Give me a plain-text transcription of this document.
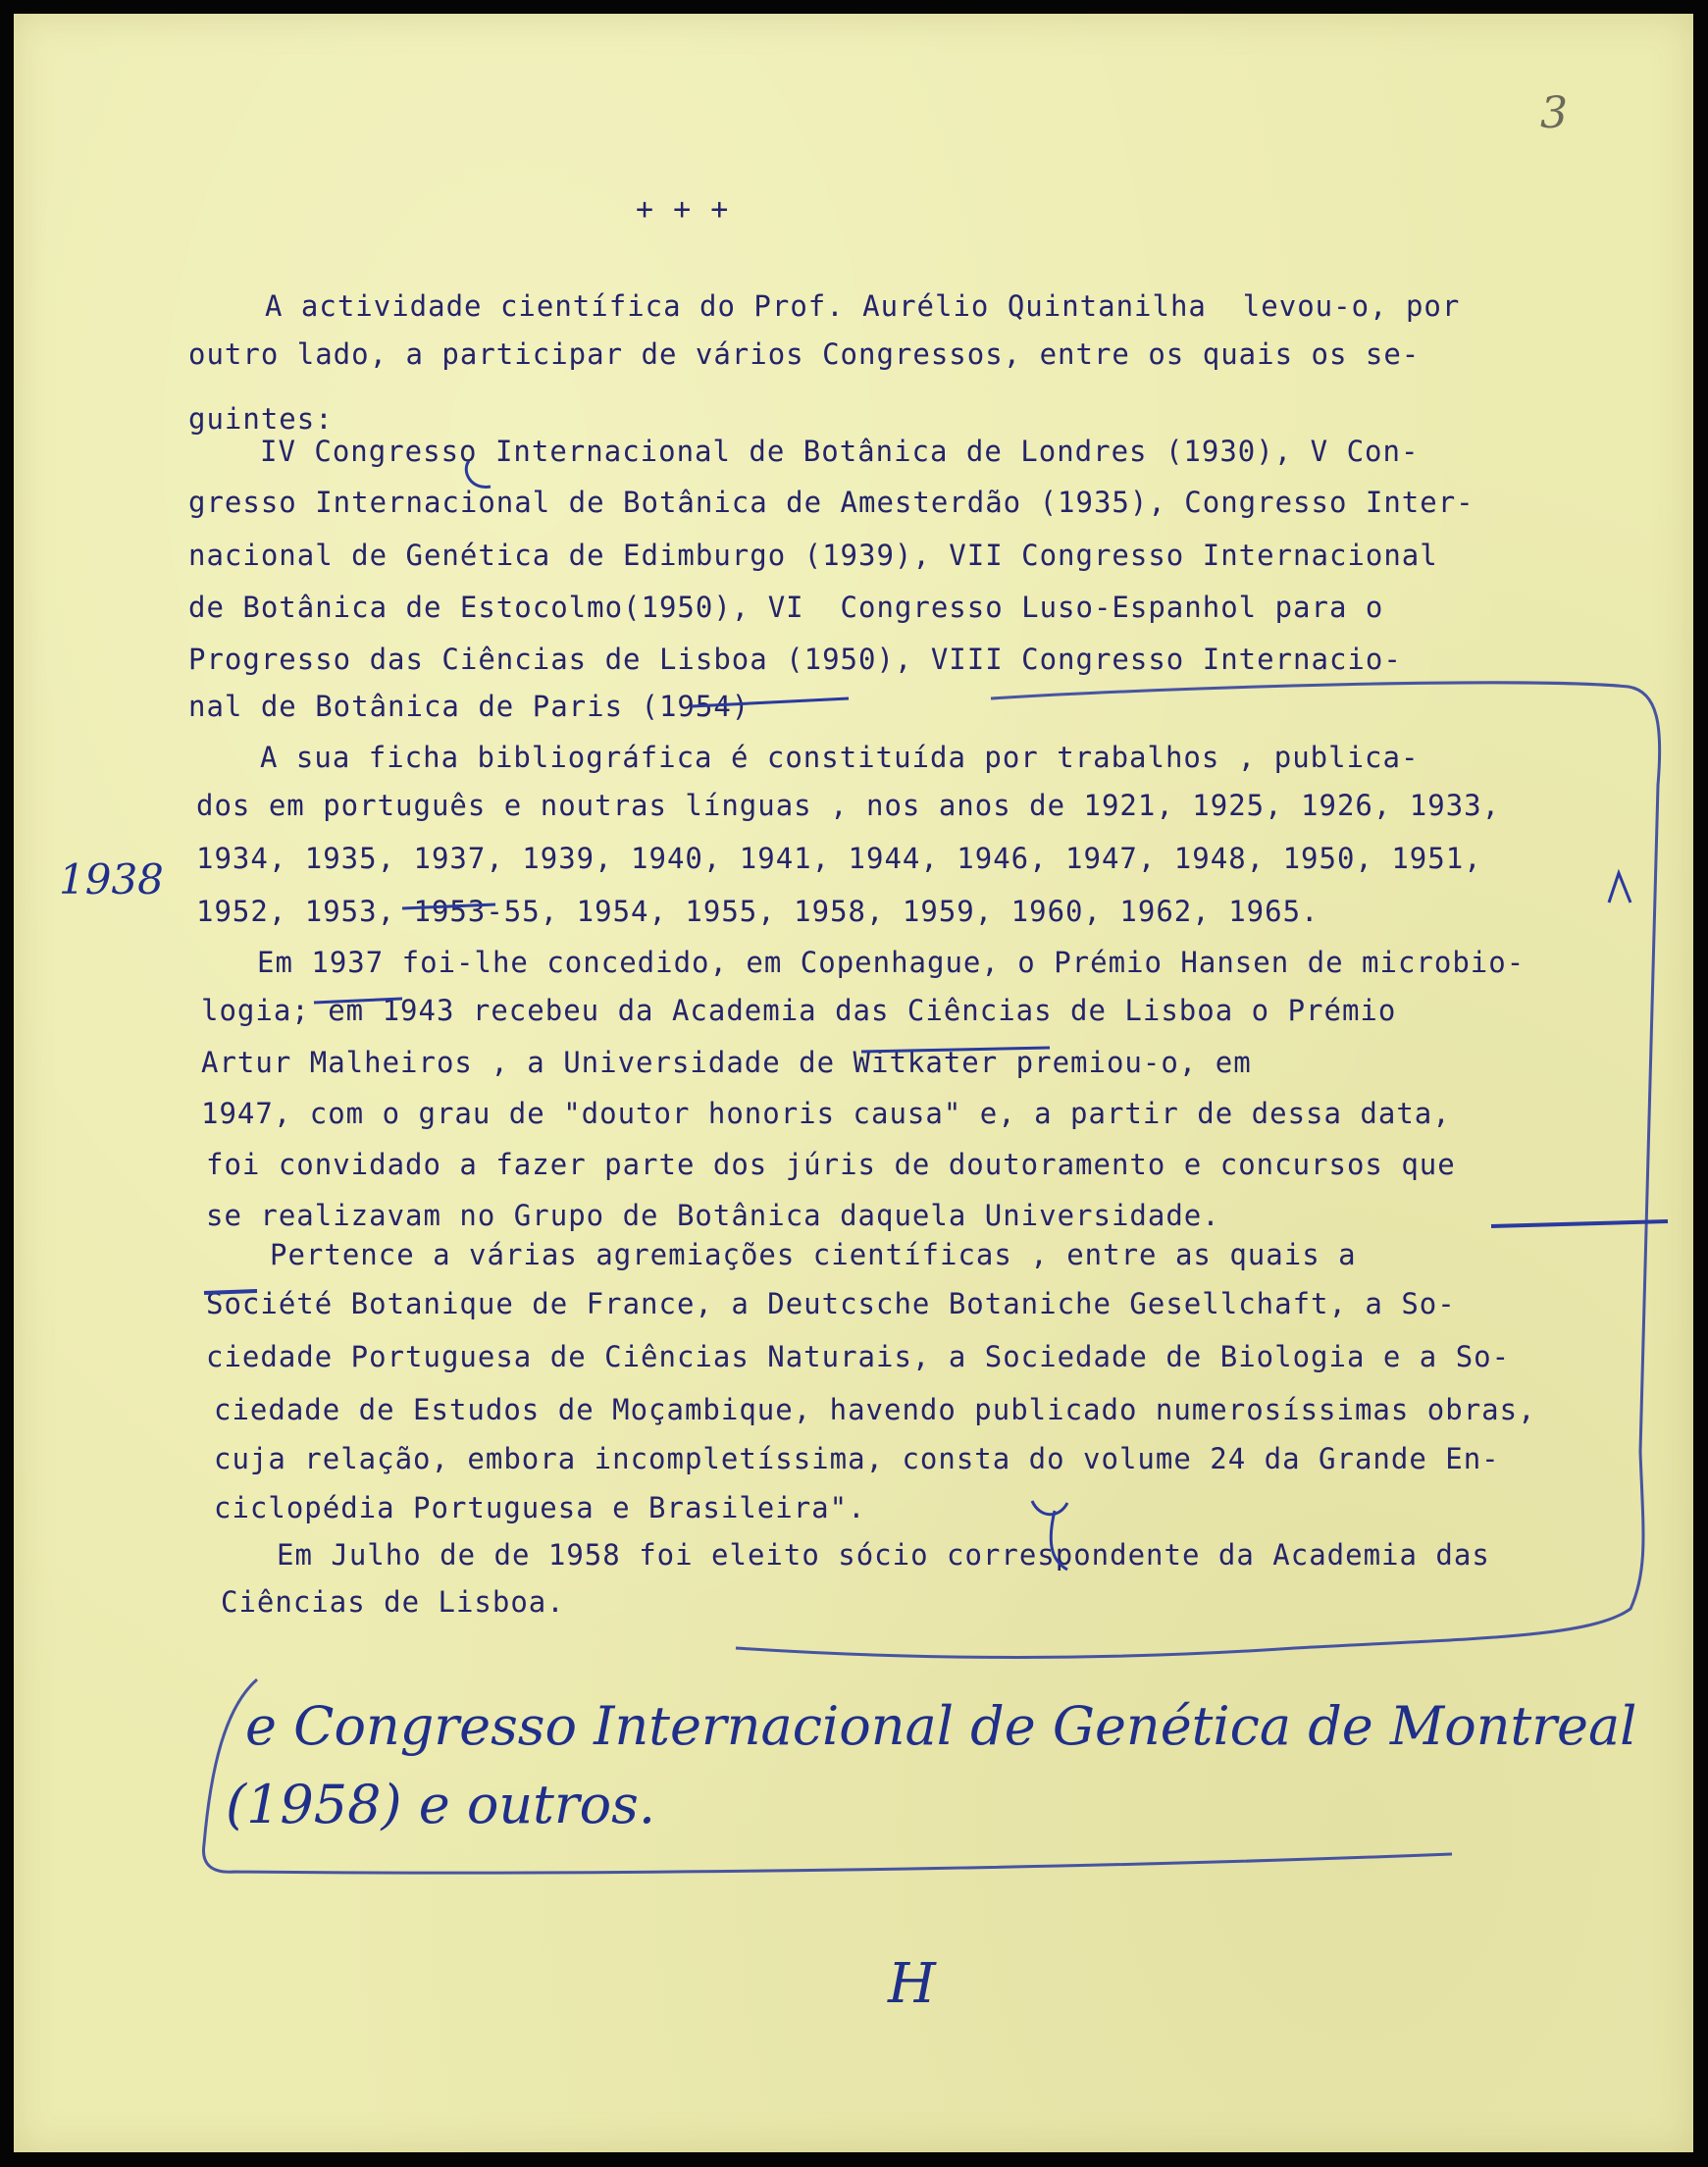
3
+ + +
A actividade científica do Prof. Aurélio Quintanilha  levou-o, por
outro lado, a participar de vários Congressos, entre os quais os se-
guintes:
IV Congresso Internacional de Botânica de Londres (1930), V Con-
gresso Internacional de Botânica de Amesterdão (1935), Congresso Inter-
nacional de Genética de Edimburgo (1939), VII Congresso Internacional
de Botânica de Estocolmo(1950), VI  Congresso Luso-Espanhol para o
Progresso das Ciências de Lisboa (1950), VIII Congresso Internacio-
nal de Botânica de Paris (1954)
A sua ficha bibliográfica é constituída por trabalhos , publica-
dos em português e noutras línguas , nos anos de 1921, 1925, 1926, 1933,
1934, 1935, 1937, 1939, 1940, 1941, 1944, 1946, 1947, 1948, 1950, 1951,
1952, 1953, 1953-55, 1954, 1955, 1958, 1959, 1960, 1962, 1965.
Em 1937 foi-lhe concedido, em Copenhague, o Prémio Hansen de microbio-
logia; em 1943 recebeu da Academia das Ciências de Lisboa o Prémio
Artur Malheiros , a Universidade de Witkater premiou-o, em
1947, com o grau de "doutor honoris causa" e, a partir de dessa data,
foi convidado a fazer parte dos júris de doutoramento e concursos que
se realizavam no Grupo de Botânica daquela Universidade.
Pertence a várias agremiações científicas , entre as quais a
Société Botanique de France, a Deutcsche Botaniche Gesellchaft, a So-
ciedade Portuguesa de Ciências Naturais, a Sociedade de Biologia e a So-
ciedade de Estudos de Moçambique, havendo publicado numerosíssimas obras,
cuja relação, embora incompletíssima, consta do volume 24 da Grande En-
ciclopédia Portuguesa e Brasileira".
Em Julho de de 1958 foi eleito sócio correspondente da Academia das
Ciências de Lisboa.
1938
e Congresso Internacional de Genética de Montreal
(1958) e outros.
H
